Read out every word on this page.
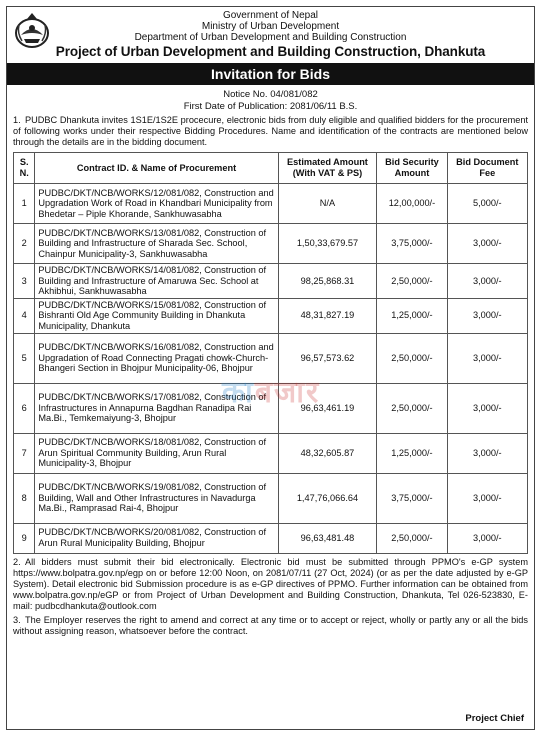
Government of Nepal
Ministry of Urban Development
Department of Urban Development and Building Construction
Project of Urban Development and Building Construction, Dhankuta
Invitation for Bids
Notice No. 04/081/082
First Date of Publication: 2081/06/11 B.S.
1. PUDBC Dhankuta invites 1S1E/1S2E procecure, electronic bids from duly eligible and qualified bidders for the procurement of following works under their respective Bidding Procedures. Name and identification of the contracts are mentioned below through the details are in the bidding document.
S. N.	Contract ID. & Name of Procurement	Estimated Amount (With VAT & PS)	Bid Security Amount	Bid Document Fee
1	PUDBC/DKT/NCB/WORKS/12/081/082, Construction and Upgradation Work of Road in Khandbari Municipality from Bhedetar – Piple Khorande, Sankhuwasabha	N/A	12,00,000/-	5,000/-
2	PUDBC/DKT/NCB/WORKS/13/081/082, Construction of Building and Infrastructure of Sharada Sec. School, Chainpur Municipality-3, Sankhuwasabha	1,50,33,679.57	3,75,000/-	3,000/-
3	PUDBC/DKT/NCB/WORKS/14/081/082, Construction of Building and Infrastructure of Amaruwa Sec. School at Akhibhui, Sankhuwasabha	98,25,868.31	2,50,000/-	3,000/-
4	PUDBC/DKT/NCB/WORKS/15/081/082, Construction of Bishranti Old Age Community Building in Dhankuta Municipality, Dhankuta	48,31,827.19	1,25,000/-	3,000/-
5	PUDBC/DKT/NCB/WORKS/16/081/082, Construction and Upgradation of Road Connecting Pragati chowk-Church-Bhangeri Section in Bhojpur Municipality-06, Bhojpur	96,57,573.62	2,50,000/-	3,000/-
6	PUDBC/DKT/NCB/WORKS/17/081/082, Construction of Infrastructures in Annapurna Bagdhan Ranadipa Rai Ma.Bi., Temkemaiyung-3, Bhojpur	96,63,461.19	2,50,000/-	3,000/-
7	PUDBC/DKT/NCB/WORKS/18/081/082, Construction of Arun Spiritual Community Building, Arun Rural Municipality-3, Bhojpur	48,32,605.87	1,25,000/-	3,000/-
8	PUDBC/DKT/NCB/WORKS/19/081/082, Construction of Building, Wall and Other Infrastructures in Navadurga Ma.Bi., Ramprasad Rai-4, Bhojpur	1,47,76,066.64	3,75,000/-	3,000/-
9	PUDBC/DKT/NCB/WORKS/20/081/082, Construction of Arun Rural Municipality Building, Bhojpur	96,63,481.48	2,50,000/-	3,000/-
2. All bidders must submit their bid electronically. Electronic bid must be submitted through PPMO's e-GP system https://www.bolpatra.gov.np/egp on or before 12:00 Noon, on 2081/07/11 (27 Oct, 2024) (or as per the date adjusted by e-GP System). Detail electronic bid Submission procedure is as e-GP directives of PPMO. Further information can be obtained from www.bolpatra.gov.np/eGP or from Project of Urban Development and Building Construction, Dhankuta, Tel 026-523830, E-mail: pudbcdhankuta@outlook.com
3. The Employer reserves the right to amend and correct at any time or to accept or reject, wholly or partly any or all the bids without assigning reason, whatsoever before the contract.
काबजार
Project Chief
